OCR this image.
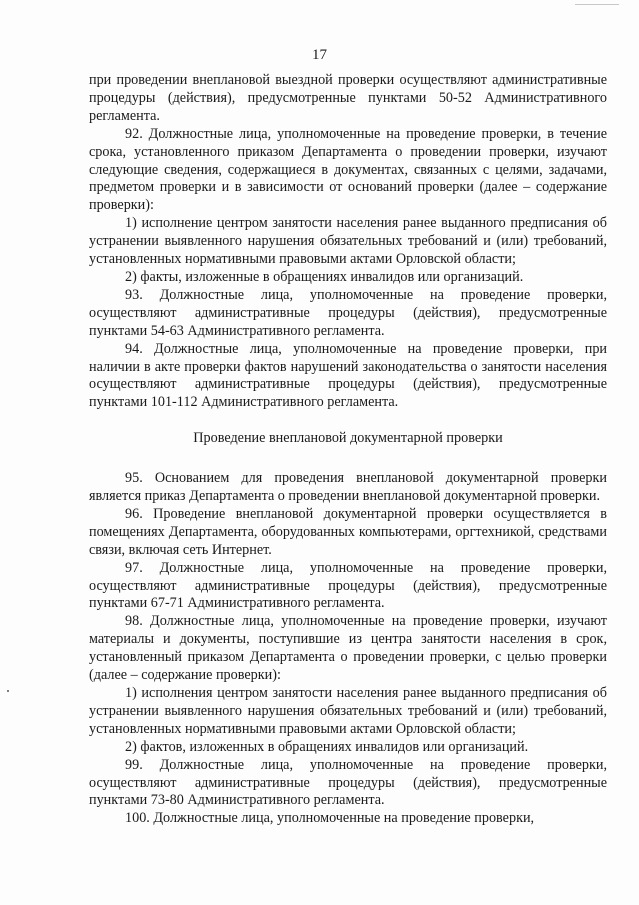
17

при проведении внеплановой выездной проверки осуществляют административные процедуры (действия), предусмотренные пунктами 50-52 Административного регламента.

92. Должностные лица, уполномоченные на проведение проверки, в течение срока, установленного приказом Департамента о проведении проверки, изучают следующие сведения, содержащиеся в документах, связанных с целями, задачами, предметом проверки и в зависимости от оснований проверки (далее – содержание проверки):

1) исполнение центром занятости населения ранее выданного предписания об устранении выявленного нарушения обязательных требований и (или) требований, установленных нормативными правовыми актами Орловской области;

2) факты, изложенные в обращениях инвалидов или организаций.

93. Должностные лица, уполномоченные на проведение проверки, осуществляют административные процедуры (действия), предусмотренные пунктами 54-63 Административного регламента.

94. Должностные лица, уполномоченные на проведение проверки, при наличии в акте проверки фактов нарушений законодательства о занятости населения осуществляют административные процедуры (действия), предусмотренные пунктами 101-112 Административного регламента.

Проведение внеплановой документарной проверки

95. Основанием для проведения внеплановой документарной проверки является приказ Департамента о проведении внеплановой документарной проверки.

96. Проведение внеплановой документарной проверки осуществляется в помещениях Департамента, оборудованных компьютерами, оргтехникой, средствами связи, включая сеть Интернет.

97. Должностные лица, уполномоченные на проведение проверки, осуществляют административные процедуры (действия), предусмотренные пунктами 67-71 Административного регламента.

98. Должностные лица, уполномоченные на проведение проверки, изучают материалы и документы, поступившие из центра занятости населения в срок, установленный приказом Департамента о проведении проверки, с целью проверки (далее – содержание проверки):

1) исполнения центром занятости населения ранее выданного предписания об устранении выявленного нарушения обязательных требований и (или) требований, установленных нормативными правовыми актами Орловской области;

2) фактов, изложенных в обращениях инвалидов или организаций.

99. Должностные лица, уполномоченные на проведение проверки, осуществляют административные процедуры (действия), предусмотренные пунктами 73-80 Административного регламента.

100. Должностные лица, уполномоченные на проведение проверки,
